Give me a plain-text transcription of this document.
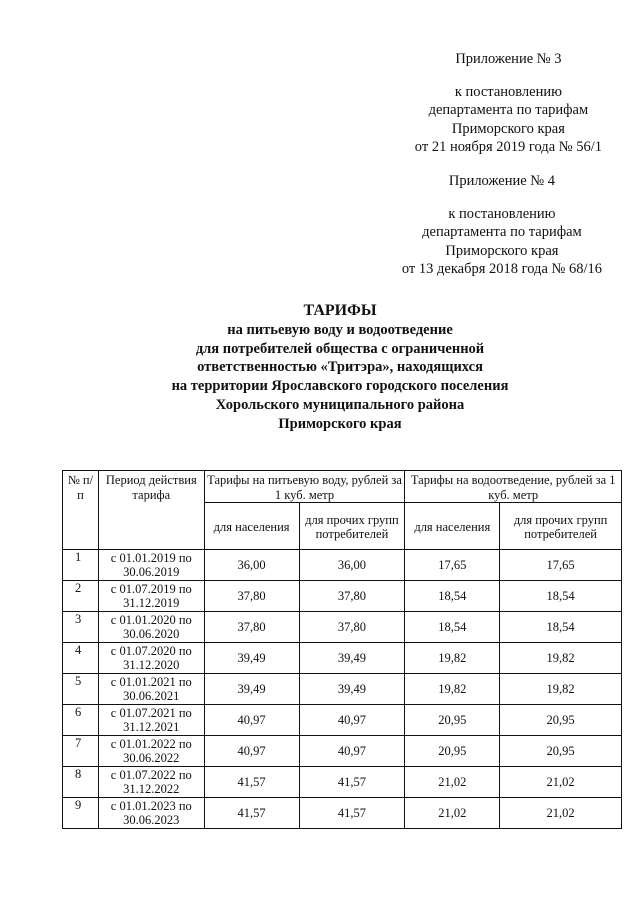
Приложение № 3
к постановлению
департамента по тарифам
Приморского края
от 21 ноября 2019 года № 56/1
Приложение № 4
к постановлению
департамента по тарифам
Приморского края
от 13 декабря 2018 года № 68/16
ТАРИФЫ
на питьевую воду и водоотведение
для потребителей общества с ограниченной
ответственностью «Тритэра», находящихся
на территории Ярославского городского поселения
Хорольского муниципального района
Приморского края
№ п/п	Период действия тарифа	Тарифы на питьевую воду, рублей за 1 куб. метр		Тарифы на водоотведение, рублей за 1 куб. метр	
		для населения	для прочих групп потребителей	для населения	для прочих групп потребителей
1	с 01.01.2019 по
30.06.2019	36,00	36,00	17,65	17,65
2	с 01.07.2019 по
31.12.2019	37,80	37,80	18,54	18,54
3	с 01.01.2020 по
30.06.2020	37,80	37,80	18,54	18,54
4	с 01.07.2020 по
31.12.2020	39,49	39,49	19,82	19,82
5	с 01.01.2021 по
30.06.2021	39,49	39,49	19,82	19,82
6	с 01.07.2021 по
31.12.2021	40,97	40,97	20,95	20,95
7	с 01.01.2022 по
30.06.2022	40,97	40,97	20,95	20,95
8	с 01.07.2022 по
31.12.2022	41,57	41,57	21,02	21,02
9	с 01.01.2023 по
30.06.2023	41,57	41,57	21,02	21,02
